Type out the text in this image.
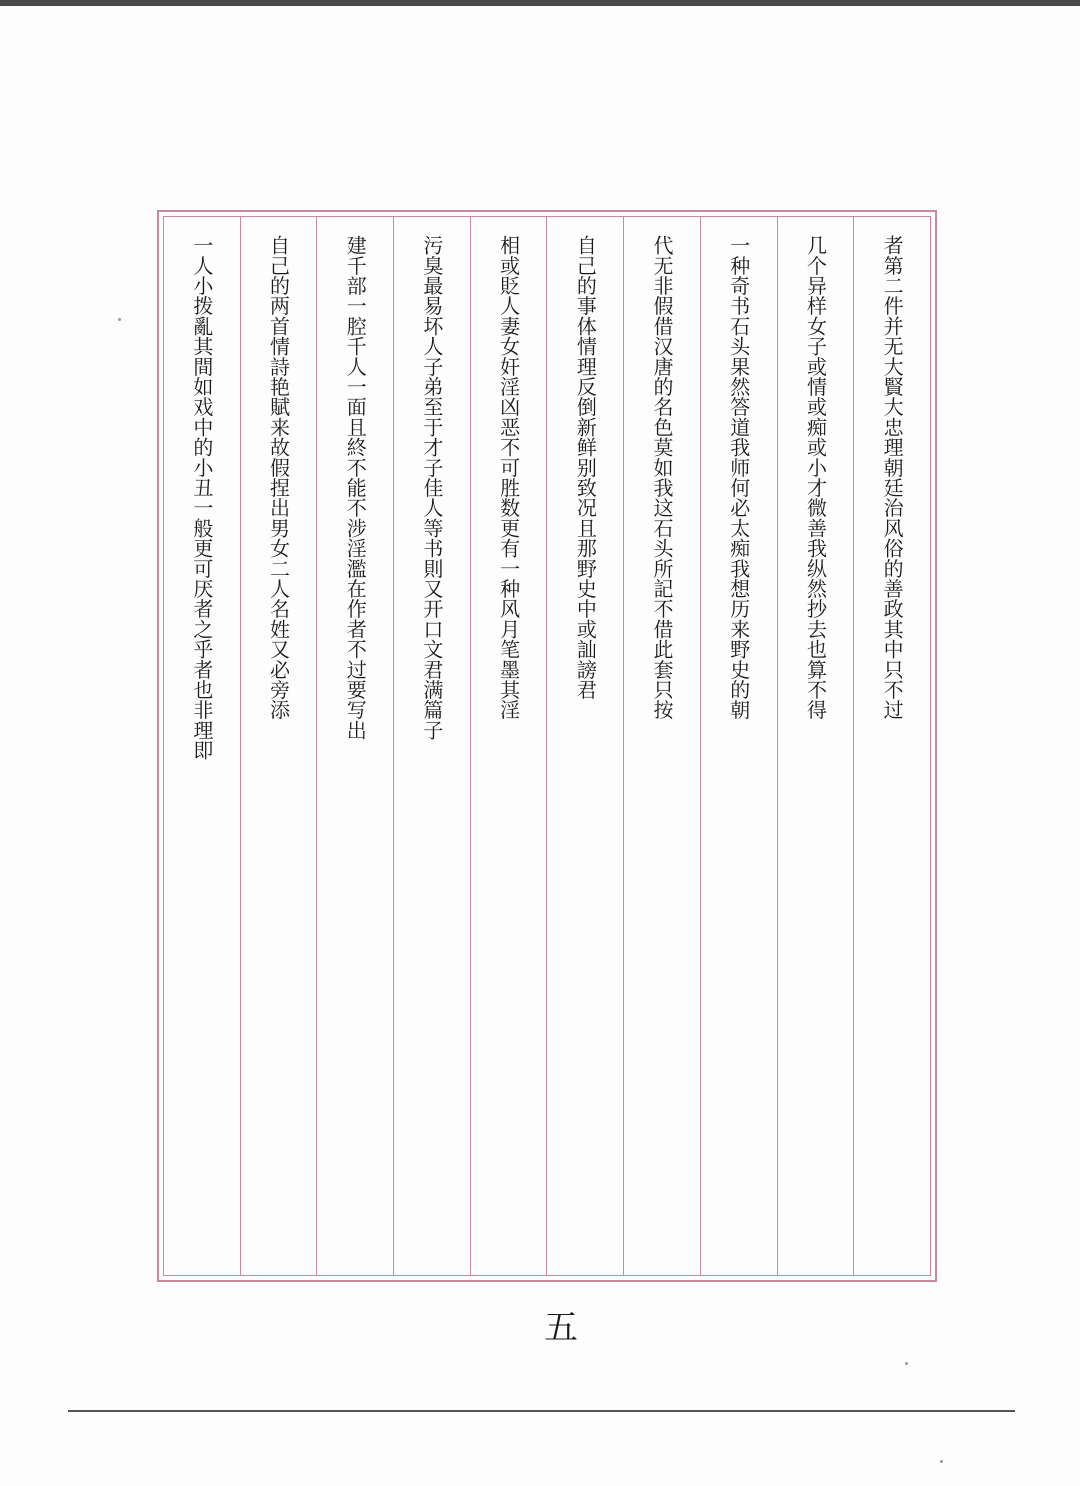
者第二件并无大賢大忠理朝廷治风俗的善政其中只不过
几个异样女子或情或痴或小才微善我纵然抄去也算不得
一种奇书石头果然答道我师何必太痴我想历来野史的朝
代无非假借汉唐的名色莫如我这石头所記不借此套只按
自己的事体情理反倒新鲜别致况且那野史中或訕謗君
相或貶人妻女奸淫凶恶不可胜数更有一种风月笔墨其淫
污臭最易坏人子弟至于才子佳人等书則又开口文君满篇子
建千部一腔千人一面且終不能不涉淫濫在作者不过要写出
自己的两首情詩艳賦来故假捏出男女二人名姓又必旁添
一人小拨亂其間如戏中的小丑一般更可厌者之乎者也非理即
五
